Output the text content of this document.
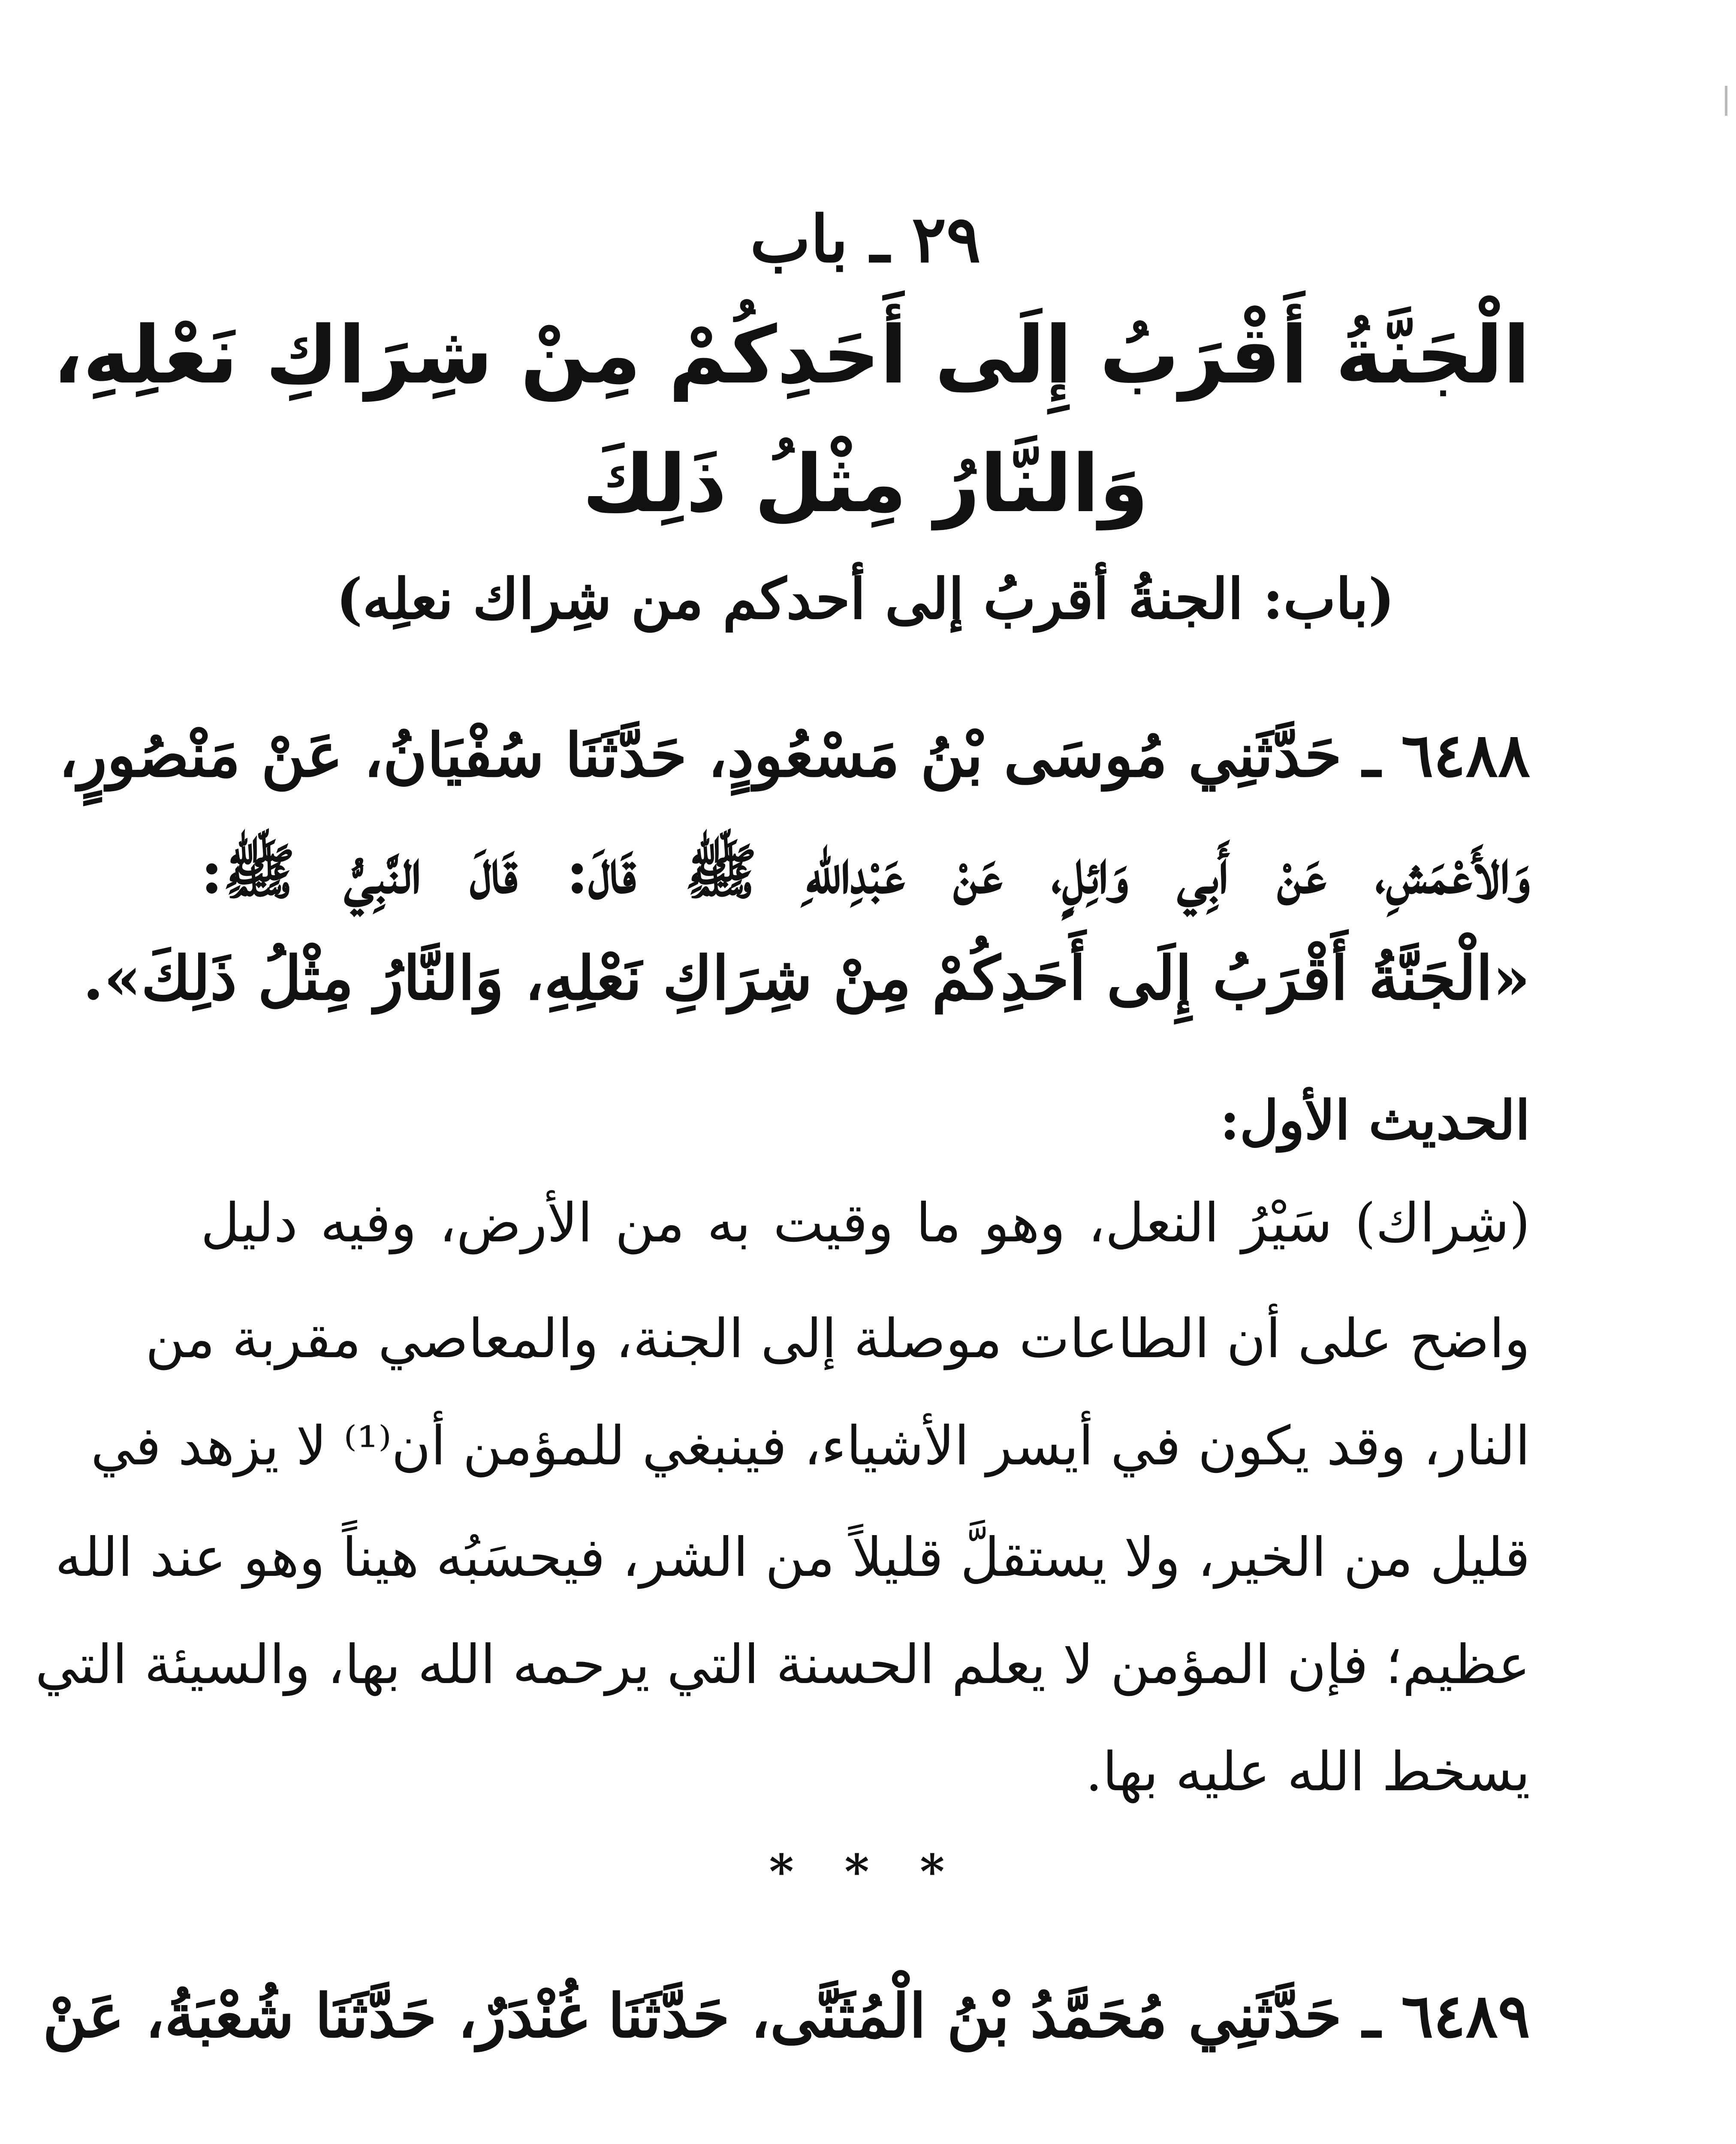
٢٩ ـ باب
الْجَنَّةُ أَقْرَبُ إِلَى أَحَدِكُمْ مِنْ شِرَاكِ نَعْلِهِ،
وَالنَّارُ مِثْلُ ذَلِكَ
(باب: الجنةُ أقربُ إلى أحدكم من شِراك نعلِه)
٦٤٨٨ ـ حَدَّثَنِي مُوسَى بْنُ مَسْعُودٍ، حَدَّثَنَا سُفْيَانُ، عَنْ مَنْصُورٍ،
وَالأَعْمَشِ، عَنْ أَبِي وَائِلٍ، عَنْ عَبْدِاللهِ ﷺ قَالَ: قَالَ النَّبِيُّ ﷺ:
«الْجَنَّةُ أَقْرَبُ إِلَى أَحَدِكُمْ مِنْ شِرَاكِ نَعْلِهِ، وَالنَّارُ مِثْلُ ذَلِكَ».
الحديث الأول:
(شِراك) سَيْرُ النعل، وهو ما وقيت به من الأرض، وفيه دليل
واضح على أن الطاعات موصلة إلى الجنة، والمعاصي مقربة من
النار، وقد يكون في أيسر الأشياء، فينبغي للمؤمن أن⁽¹⁾ لا يزهد في
قليل من الخير، ولا يستقلَّ قليلاً من الشر، فيحسَبُه هيناً وهو عند الله
عظيم؛ فإن المؤمن لا يعلم الحسنة التي يرحمه الله بها، والسيئة التي
يسخط الله عليه بها.
* * *
٦٤٨٩ ـ حَدَّثَنِي مُحَمَّدُ بْنُ الْمُثَنَّى، حَدَّثَنَا غُنْدَرٌ، حَدَّثَنَا شُعْبَةُ، عَنْ
